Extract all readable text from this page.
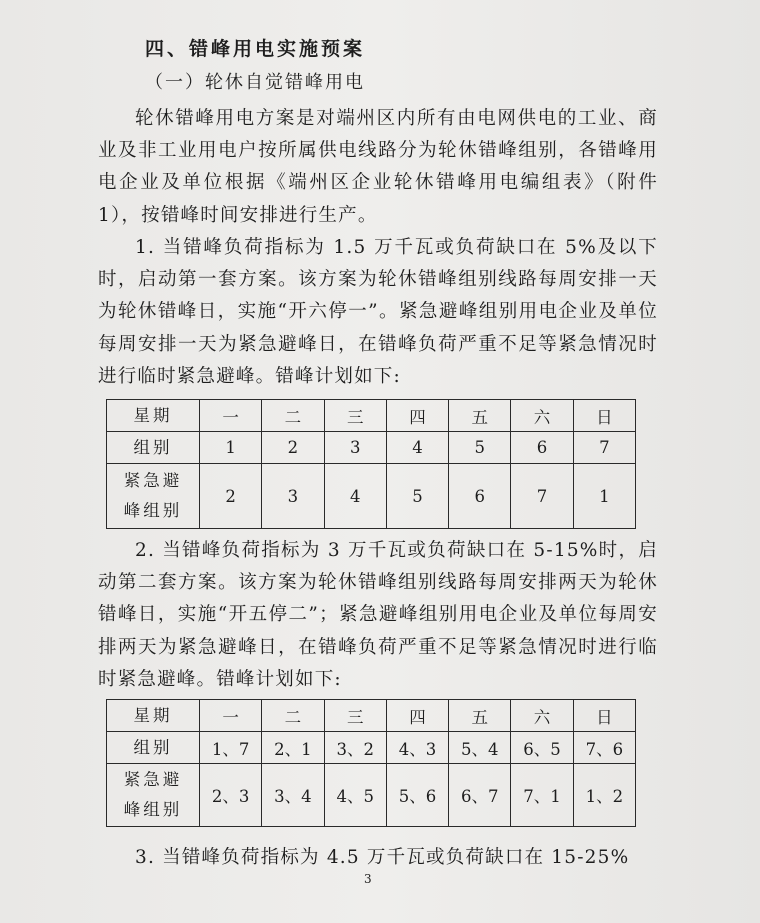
四、错峰用电实施预案
（一）轮休自觉错峰用电
轮休错峰用电方案是对端州区内所有由电网供电的工业、商业及非工业用电户按所属供电线路分为轮休错峰组别，各错峰用电企业及单位根据《端州区企业轮休错峰用电编组表》（附件1），按错峰时间安排进行生产。
1. 当错峰负荷指标为 1.5 万千瓦或负荷缺口在 5%及以下时，启动第一套方案。该方案为轮休错峰组别线路每周安排一天为轮休错峰日，实施“开六停一”。紧急避峰组别用电企业及单位每周安排一天为紧急避峰日，在错峰负荷严重不足等紧急情况时进行临时紧急避峰。错峰计划如下:
星期	一	二	三	四	五	六	日
组别	1	2	3	4	5	6	7

紧急避
峰组别	2	3	4	5	6	7	1
2. 当错峰负荷指标为 3 万千瓦或负荷缺口在 5-15%时，启动第二套方案。该方案为轮休错峰组别线路每周安排两天为轮休错峰日，实施“开五停二”；紧急避峰组别用电企业及单位每周安排两天为紧急避峰日，在错峰负荷严重不足等紧急情况时进行临时紧急避峰。错峰计划如下:
星期	一	二	三	四	五	六	日
组别	1、7	2、1	3、2	4、3	5、4	6、5	7、6

紧急避
峰组别	2、3	3、4	4、5	5、6	6、7	7、1	1、2
3. 当错峰负荷指标为 4.5 万千瓦或负荷缺口在 15-25%
3
